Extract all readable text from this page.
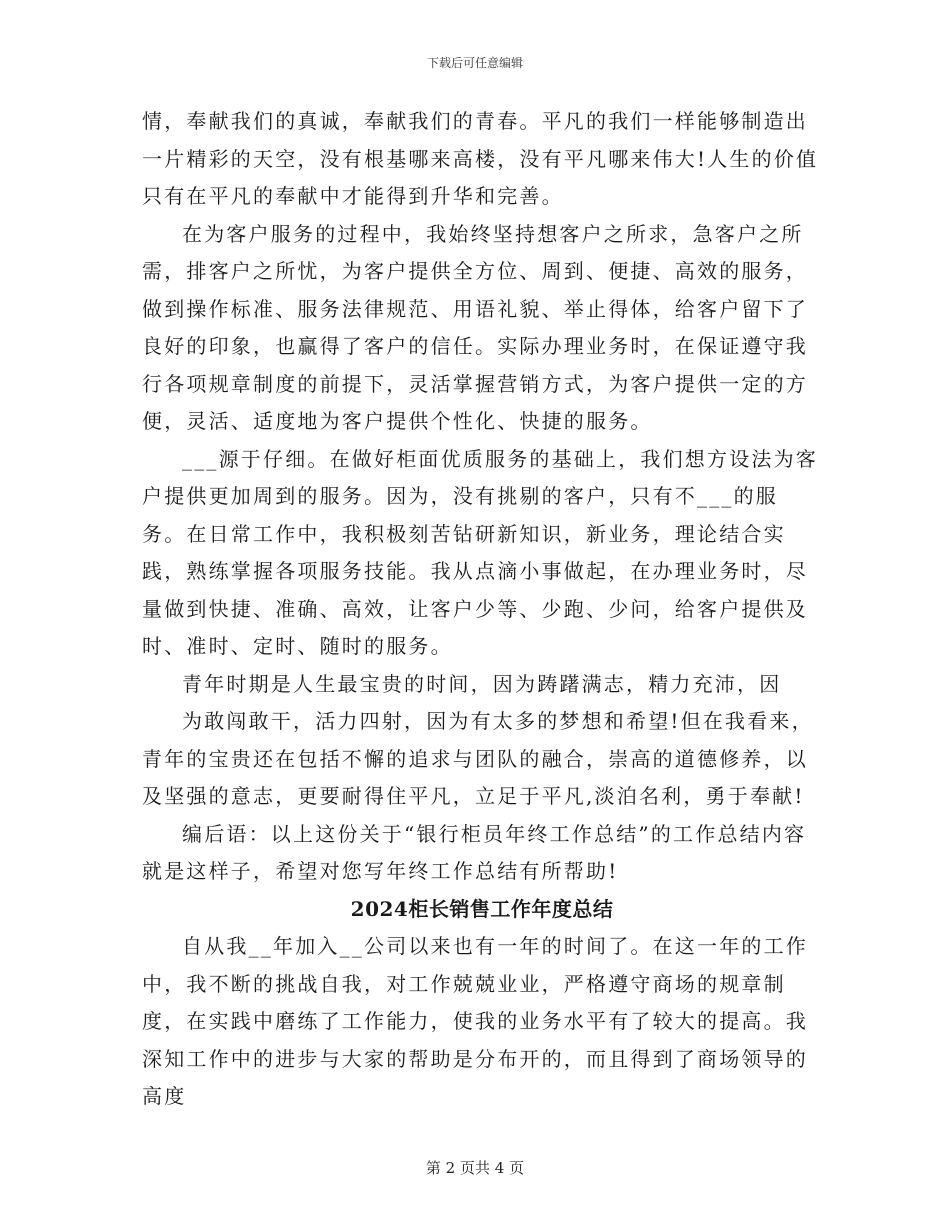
下载后可任意编辑

情，奉献我们的真诚，奉献我们的青春。平凡的我们一样能够制造出一片精彩的天空，没有根基哪来高楼，没有平凡哪来伟大!人生的价值只有在平凡的奉献中才能得到升华和完善。

在为客户服务的过程中，我始终坚持想客户之所求，急客户之所需，排客户之所忧，为客户提供全方位、周到、便捷、高效的服务，做到操作标准、服务法律规范、用语礼貌、举止得体，给客户留下了良好的印象，也赢得了客户的信任。实际办理业务时，在保证遵守我行各项规章制度的前提下，灵活掌握营销方式，为客户提供一定的方便，灵活、适度地为客户提供个性化、快捷的服务。

___源于仔细。在做好柜面优质服务的基础上，我们想方设法为客户提供更加周到的服务。因为，没有挑剔的客户，只有不___的服务。在日常工作中，我积极刻苦钻研新知识，新业务，理论结合实践，熟练掌握各项服务技能。我从点滴小事做起，在办理业务时，尽量做到快捷、准确、高效，让客户少等、少跑、少问，给客户提供及时、准时、定时、随时的服务。

青年时期是人生最宝贵的时间，因为踌躇满志，精力充沛，因

为敢闯敢干，活力四射，因为有太多的梦想和希望!但在我看来，青年的宝贵还在包括不懈的追求与团队的融合，崇高的道德修养，以及坚强的意志，更要耐得住平凡，立足于平凡,淡泊名利，勇于奉献!

编后语：以上这份关于“银行柜员年终工作总结”的工作总结内容就是这样子，希望对您写年终工作总结有所帮助!

2024柜长销售工作年度总结

自从我__年加入__公司以来也有一年的时间了。在这一年的工作中，我不断的挑战自我，对工作兢兢业业，严格遵守商场的规章制度，在实践中磨练了工作能力，使我的业务水平有了较大的提高。我深知工作中的进步与大家的帮助是分布开的，而且得到了商场领导的高度

第 2 页共 4 页
